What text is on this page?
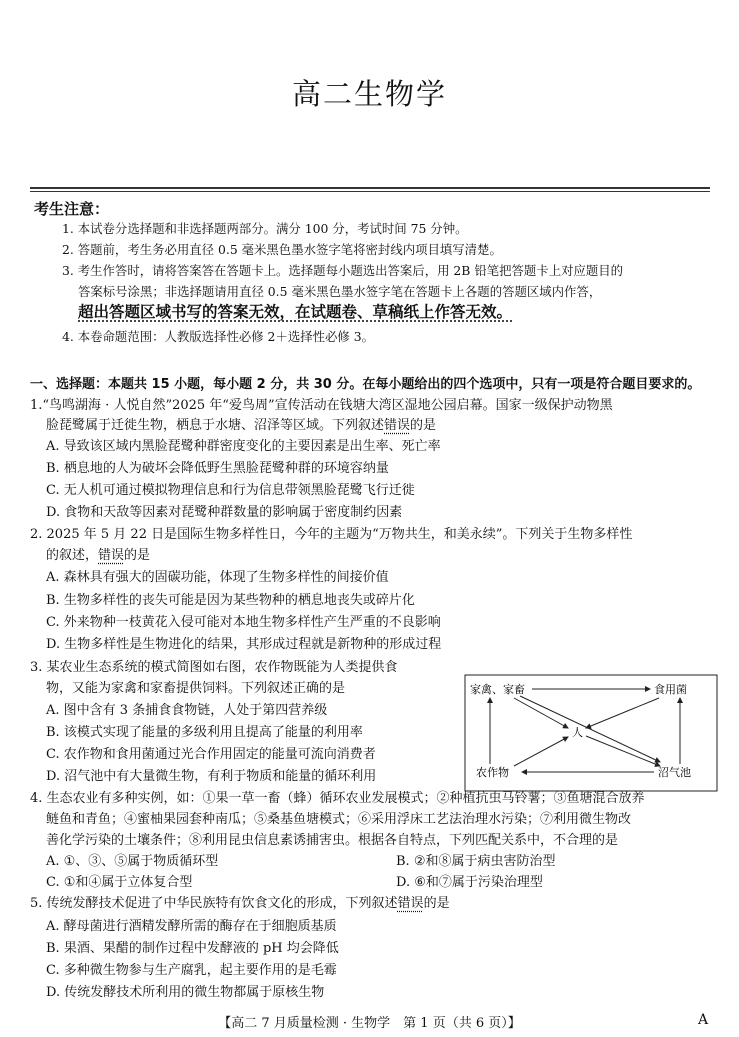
高二生物学
考生注意：
1. 本试卷分选择题和非选择题两部分。满分 100 分，考试时间 75 分钟。
2. 答题前，考生务必用直径 0.5 毫米黑色墨水签字笔将密封线内项目填写清楚。
3. 考生作答时，请将答案答在答题卡上。选择题每小题选出答案后，用 2B 铅笔把答题卡上对应题目的
答案标号涂黑；非选择题请用直径 0.5 毫米黑色墨水签字笔在答题卡上各题的答题区域内作答，
超出答题区域书写的答案无效，在试题卷、草稿纸上作答无效。
4. 本卷命题范围：人教版选择性必修 2＋选择性必修 3。
一、选择题：本题共 15 小题，每小题 2 分，共 30 分。在每小题给出的四个选项中，只有一项是符合题目要求的。
1.“鸟鸣湖海 · 人悦自然”2025 年“爱鸟周”宣传活动在钱塘大湾区湿地公园启幕。国家一级保护动物黑
脸琵鹭属于迁徙生物，栖息于水塘、沼泽等区域。下列叙述错误的是
A. 导致该区域内黑脸琵鹭种群密度变化的主要因素是出生率、死亡率
B. 栖息地的人为破坏会降低野生黑脸琵鹭种群的环境容纳量
C. 无人机可通过模拟物理信息和行为信息带领黑脸琵鹭飞行迁徙
D. 食物和天敌等因素对琵鹭种群数量的影响属于密度制约因素
2. 2025 年 5 月 22 日是国际生物多样性日，今年的主题为“万物共生，和美永续”。下列关于生物多样性
的叙述，错误的是
A. 森林具有强大的固碳功能，体现了生物多样性的间接价值
B. 生物多样性的丧失可能是因为某些物种的栖息地丧失或碎片化
C. 外来物种一枝黄花入侵可能对本地生物多样性产生严重的不良影响
D. 生物多样性是生物进化的结果，其形成过程就是新物种的形成过程
3. 某农业生态系统的模式简图如右图，农作物既能为人类提供食
物，又能为家禽和家畜提供饲料。下列叙述正确的是
A. 图中含有 3 条捕食食物链，人处于第四营养级
B. 该模式实现了能量的多级利用且提高了能量的利用率
C. 农作物和食用菌通过光合作用固定的能量可流向消费者
D. 沼气池中有大量微生物，有利于物质和能量的循环利用
家禽、家畜	食用菌
人
农作物	沼气池
4. 生态农业有多种实例，如：①果一草一畜（蜂）循环农业发展模式；②种植抗虫马铃薯；③鱼塘混合放养
鲢鱼和青鱼；④蜜柚果园套种南瓜；⑤桑基鱼塘模式；⑥采用浮床工艺法治理水污染；⑦利用微生物改
善化学污染的土壤条件；⑧利用昆虫信息素诱捕害虫。根据各自特点，下列匹配关系中，不合理的是
A. ①、③、⑤属于物质循环型	B. ②和⑧属于病虫害防治型
C. ①和④属于立体复合型	D. ⑥和⑦属于污染治理型
5. 传统发酵技术促进了中华民族特有饮食文化的形成，下列叙述错误的是
A. 酵母菌进行酒精发酵所需的酶存在于细胞质基质
B. 果酒、果醋的制作过程中发酵液的 pH 均会降低
C. 多种微生物参与生产腐乳，起主要作用的是毛霉
D. 传统发酵技术所利用的微生物都属于原核生物
【高二 7 月质量检测 · 生物学　第 1 页（共 6 页）】	A
